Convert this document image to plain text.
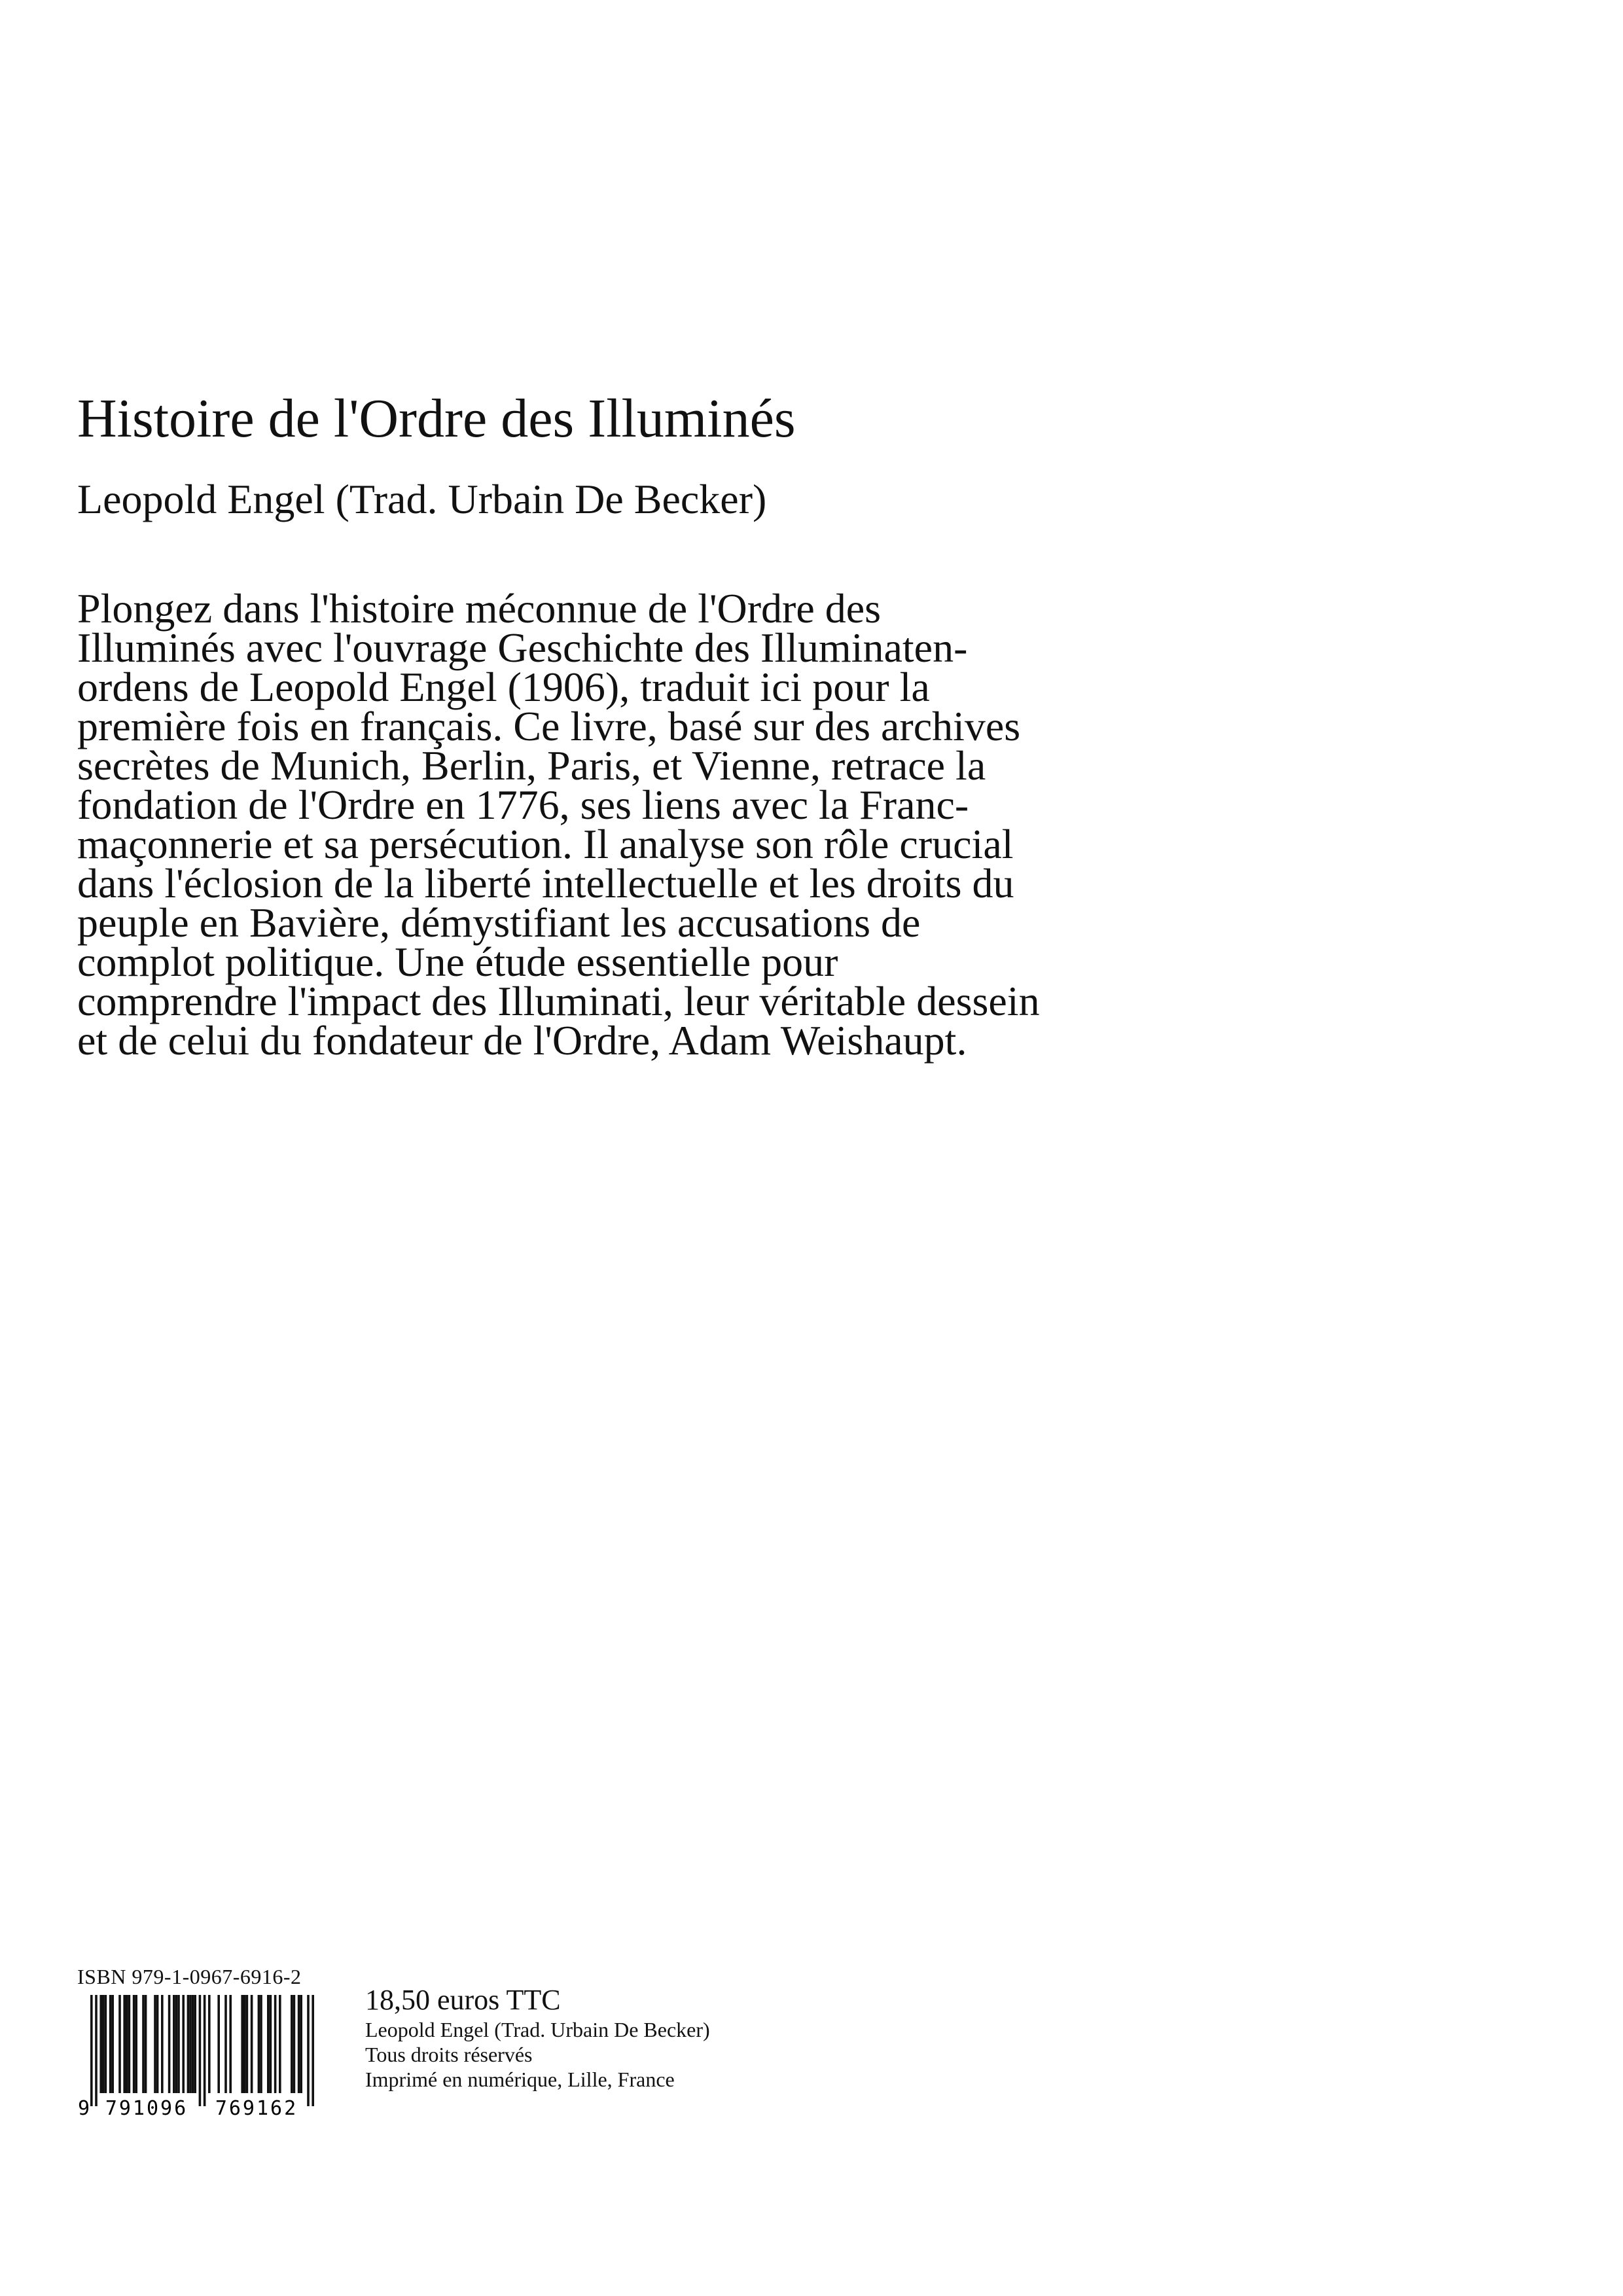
Histoire de l'Ordre des Illuminés

Leopold Engel (Trad. Urbain De Becker)

Plongez dans l'histoire méconnue de l'Ordre des
Illuminés avec l'ouvrage Geschichte des Illuminaten-
ordens de Leopold Engel (1906), traduit ici pour la
première fois en français. Ce livre, basé sur des archives
secrètes de Munich, Berlin, Paris, et Vienne, retrace la
fondation de l'Ordre en 1776, ses liens avec la Franc-
maçonnerie et sa persécution. Il analyse son rôle crucial
dans l'éclosion de la liberté intellectuelle et les droits du
peuple en Bavière, démystifiant les accusations de
complot politique. Une étude essentielle pour
comprendre l'impact des Illuminati, leur véritable dessein
et de celui du fondateur de l'Ordre, Adam Weishaupt.
ISBN 979-1-0967-6916-2
9 791096 769162
18,50 euros TTC
Leopold Engel (Trad. Urbain De Becker)
Tous droits réservés
Imprimé en numérique, Lille, France
